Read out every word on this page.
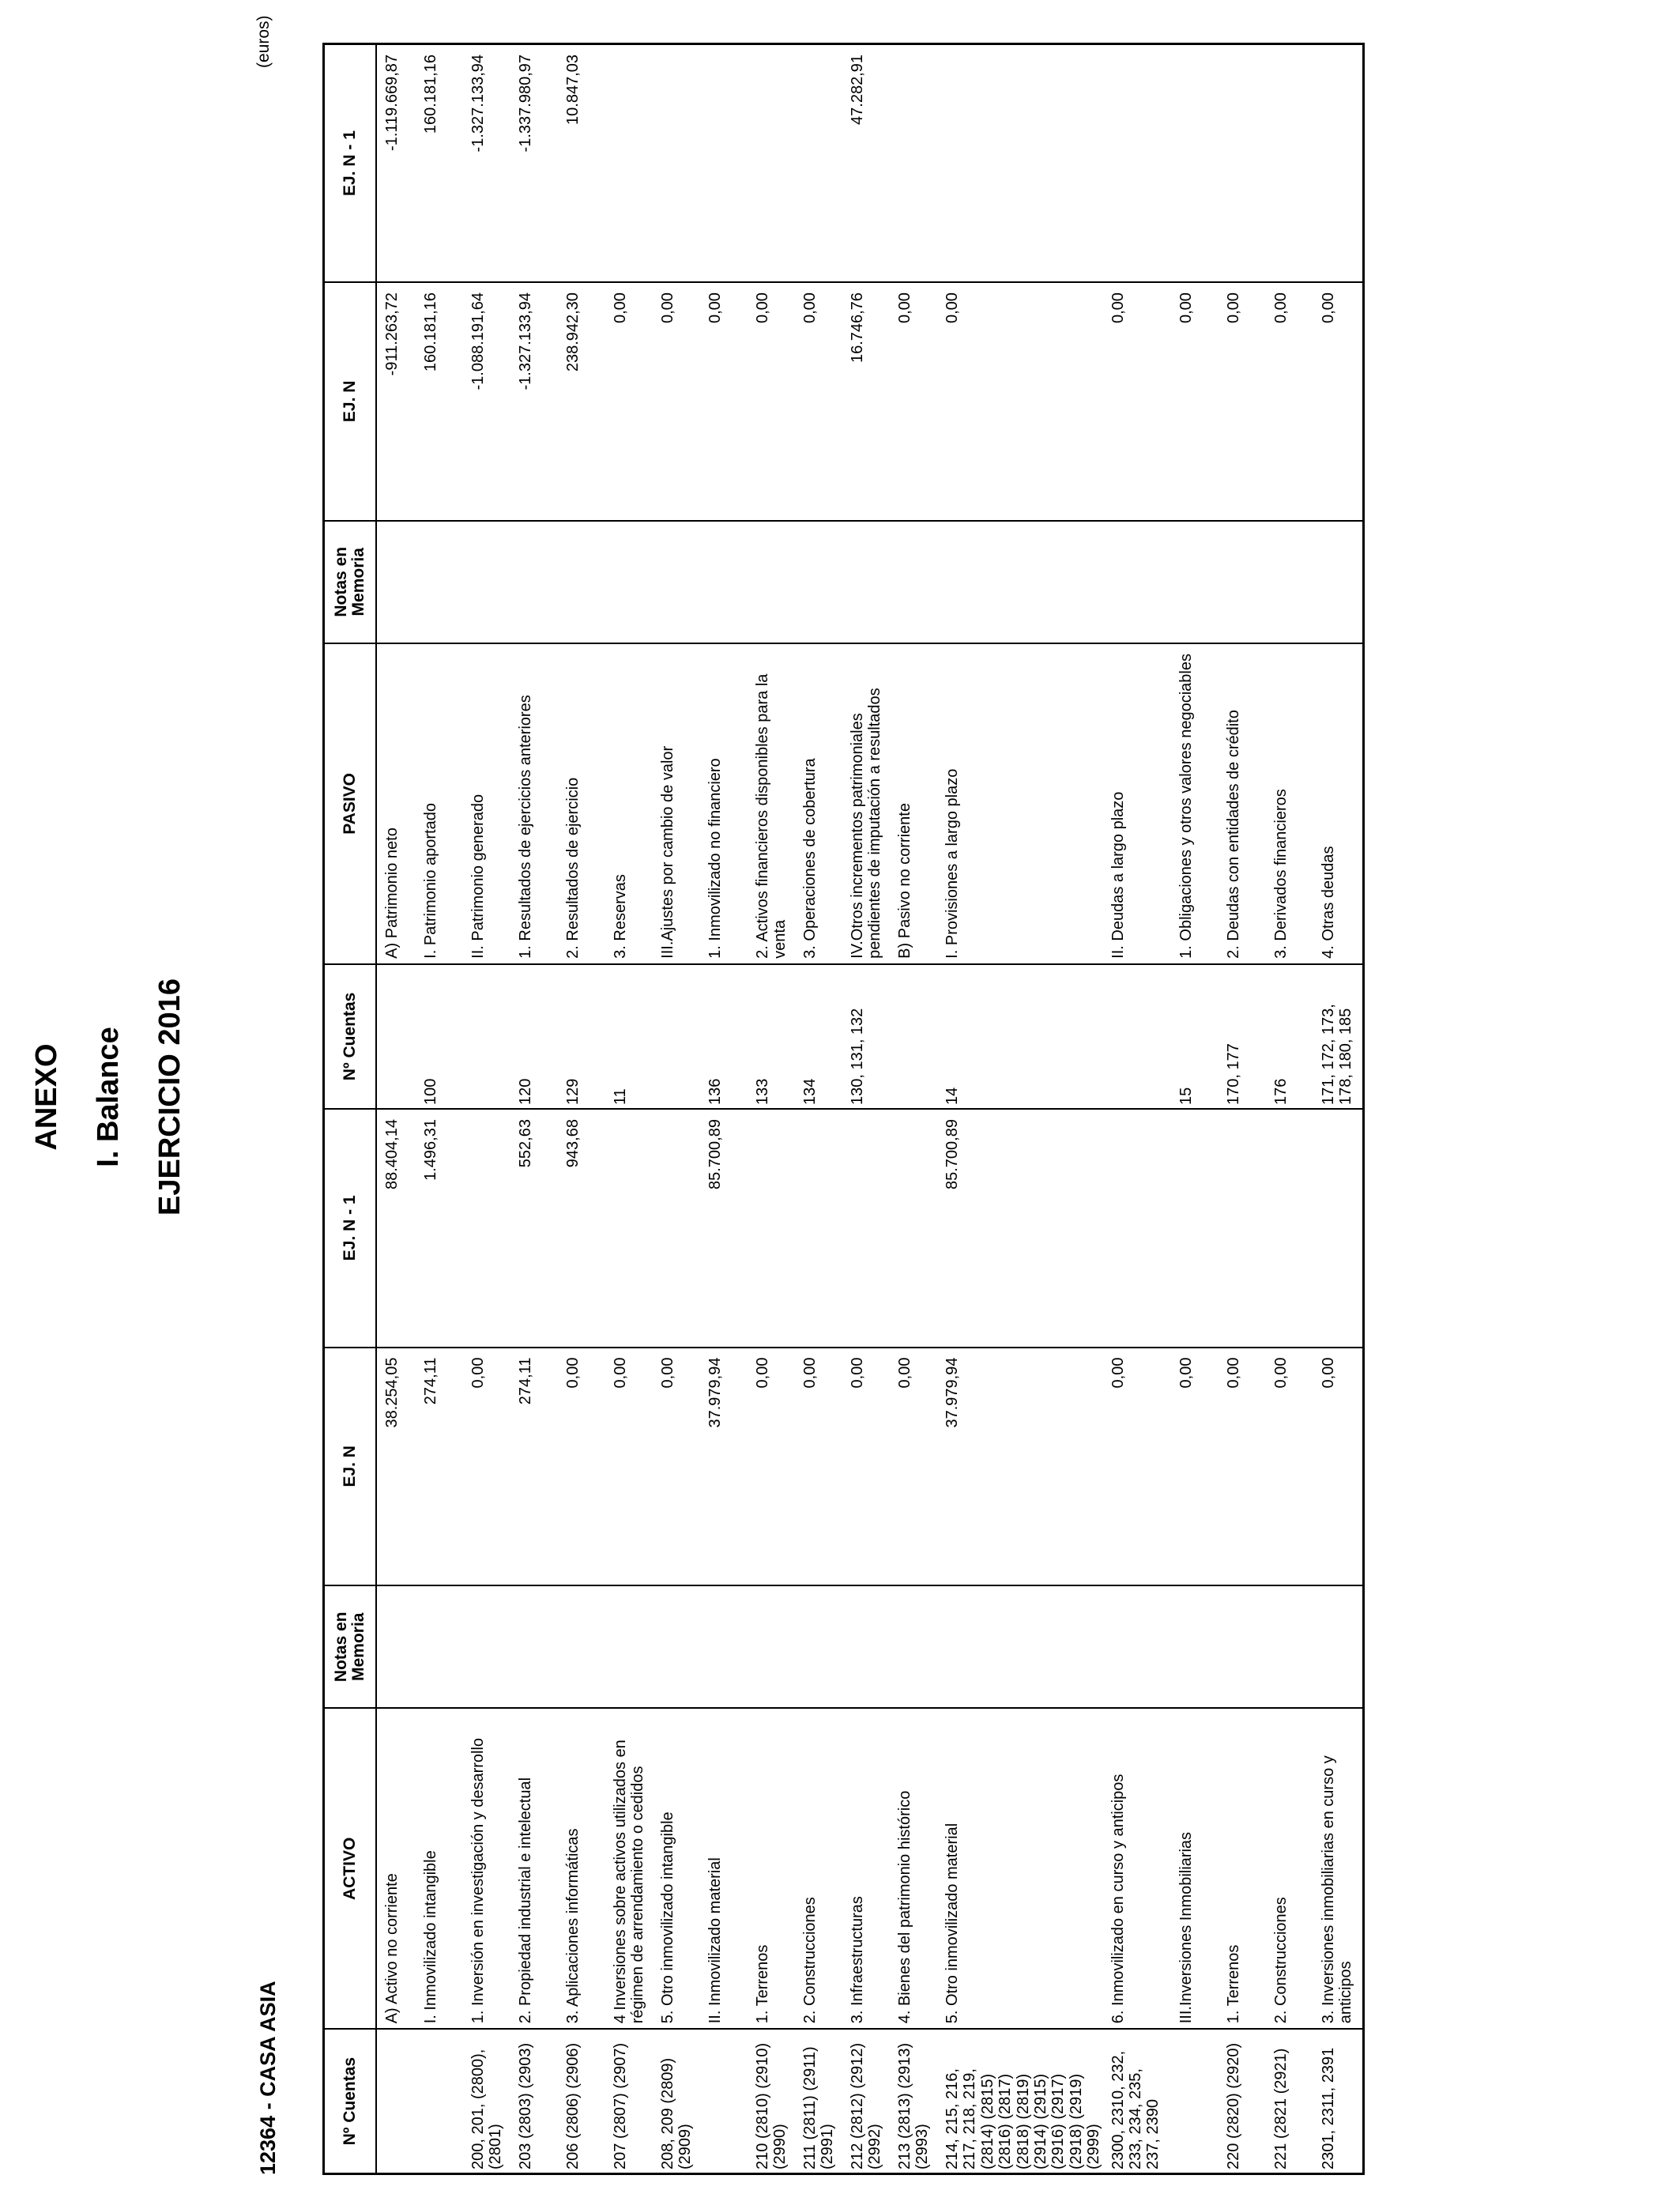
ANEXO I. Balance EJERCICIO 2016
12364 - CASA ASIA
(euros)
Nº Cuentas	ACTIVO	Notas en Memoria	EJ. N	EJ. N - 1	Nº Cuentas	PASIVO	Notas en Memoria	EJ. N	EJ. N - 1
	A) Activo no corriente		38.254,05	88.404,14		A) Patrimonio neto		-911.263,72	-1.119.669,87
	I. Inmovilizado intangible		274,11	1.496,31	100	I. Patrimonio aportado		160.181,16	160.181,16
200, 201, (2800), (2801)	1. Inversión en investigación y desarrollo		0,00			II. Patrimonio generado		-1.088.191,64	-1.327.133,94
203 (2803) (2903)	2. Propiedad industrial e intelectual		274,11	552,63	120	1. Resultados de ejercicios anteriores		-1.327.133,94	-1.337.980,97
206 (2806) (2906)	3. Aplicaciones informáticas		0,00	943,68	129	2. Resultados de ejercicio		238.942,30	10.847,03
207 (2807) (2907)	4 Inversiones sobre activos utilizados en régimen de arrendamiento o cedidos		0,00		11	3. Reservas		0,00	
208, 209 (2809) (2909)	5. Otro inmovilizado intangible		0,00			III.Ajustes por cambio de valor		0,00	
	II. Inmovilizado material		37.979,94	85.700,89	136	1. Inmovilizado no financiero		0,00	
210 (2810) (2910) (2990)	1. Terrenos		0,00		133	2. Activos financieros disponibles para la venta		0,00	
211 (2811) (2911) (2991)	2. Construcciones		0,00		134	3. Operaciones de cobertura		0,00	
212 (2812) (2912) (2992)	3. Infraestructuras		0,00		130, 131, 132	IV.Otros incrementos patrimoniales pendientes de imputación a resultados		16.746,76	47.282,91
213 (2813) (2913) (2993)	4. Bienes del patrimonio histórico		0,00			B) Pasivo no corriente		0,00	
214, 215, 216, 217, 218, 219, (2814) (2815) (2816) (2817) (2818) (2819) (2914) (2915) (2916) (2917) (2918) (2919) (2999)	5. Otro inmovilizado material		37.979,94	85.700,89	14	I. Provisiones a largo plazo		0,00	
2300, 2310, 232, 233, 234, 235, 237, 2390	6. Inmovilizado en curso y anticipos		0,00			II. Deudas a largo plazo		0,00	
	III.Inversiones Inmobiliarias		0,00		15	1. Obligaciones y otros valores negociables		0,00	
220 (2820) (2920)	1. Terrenos		0,00		170, 177	2. Deudas con entidades de crédito		0,00	
221 (2821 (2921)	2. Construcciones		0,00		176	3. Derivados financieros		0,00	
2301, 2311, 2391	3. Inversiones inmobiliarias en curso y anticipos		0,00		171, 172, 173, 178, 180, 185	4. Otras deudas		0,00	
